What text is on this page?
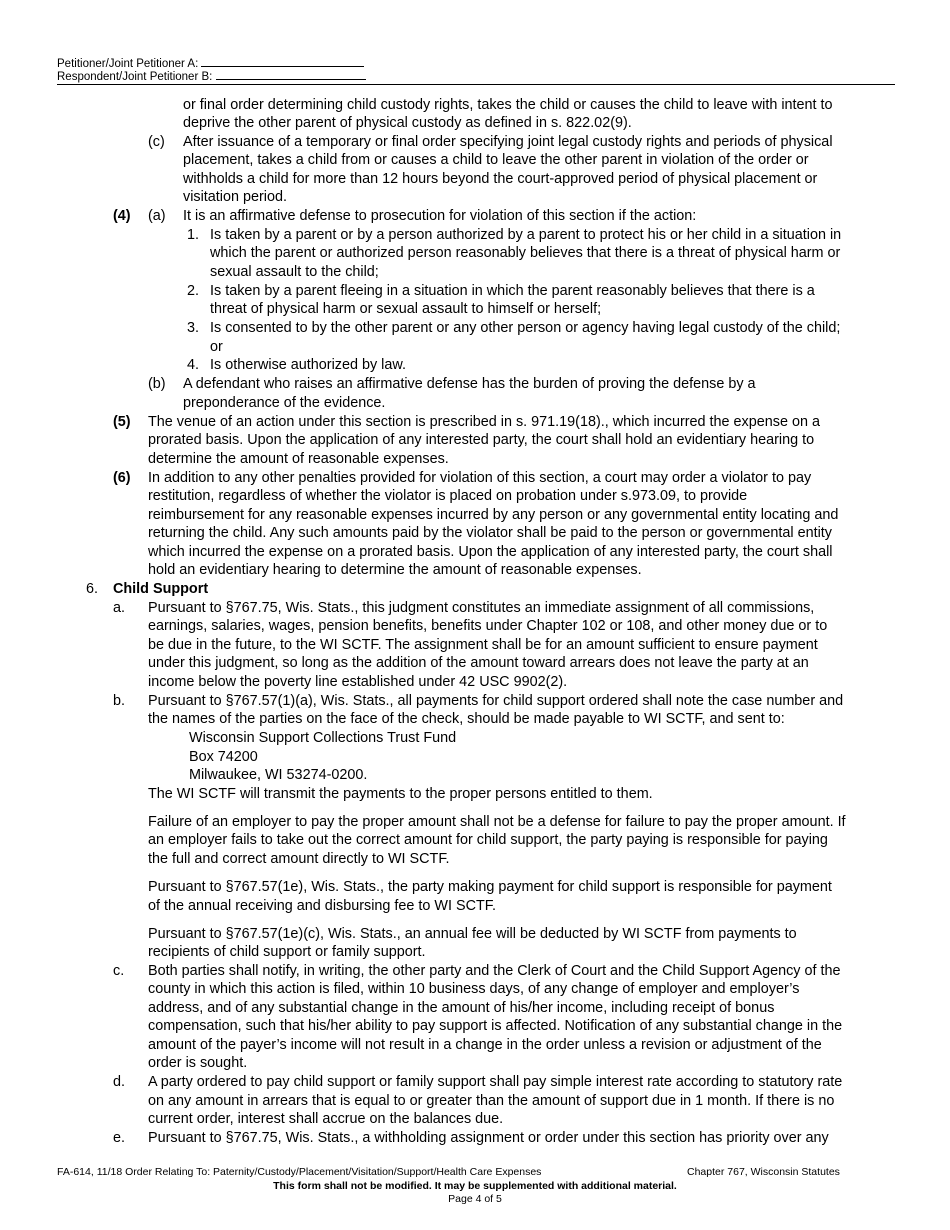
Petitioner/Joint Petitioner A:
Respondent/Joint Petitioner B:
or final order determining child custody rights, takes the child or causes the child to leave with intent to
deprive the other parent of physical custody as defined in s. 822.02(9).
(c) After issuance of a temporary or final order specifying joint legal custody rights and periods of physical
placement, takes a child from or causes a child to leave the other parent in violation of the order or
withholds a child for more than 12 hours beyond the court-approved period of physical placement or
visitation period.
(4) (a) It is an affirmative defense to prosecution for violation of this section if the action:
1. Is taken by a parent or by a person authorized by a parent to protect his or her child in a situation in
which the parent or authorized person reasonably believes that there is a threat of physical harm or
sexual assault to the child;
2. Is taken by a parent fleeing in a situation in which the parent reasonably believes that there is a
threat of physical harm or sexual assault to himself or herself;
3. Is consented to by the other parent or any other person or agency having legal custody of the child;
or
4. Is otherwise authorized by law.
(b) A defendant who raises an affirmative defense has the burden of proving the defense by a
preponderance of the evidence.
(5) The venue of an action under this section is prescribed in s. 971.19(18)., which incurred the expense on a
prorated basis. Upon the application of any interested party, the court shall hold an evidentiary hearing to
determine the amount of reasonable expenses.
(6) In addition to any other penalties provided for violation of this section, a court may order a violator to pay
restitution, regardless of whether the violator is placed on probation under s.973.09, to provide
reimbursement for any reasonable expenses incurred by any person or any governmental entity locating and
returning the child. Any such amounts paid by the violator shall be paid to the person or governmental entity
which incurred the expense on a prorated basis. Upon the application of any interested party, the court shall
hold an evidentiary hearing to determine the amount of reasonable expenses.
6. Child Support
a. Pursuant to §767.75, Wis. Stats., this judgment constitutes an immediate assignment of all commissions,
earnings, salaries, wages, pension benefits, benefits under Chapter 102 or 108, and other money due or to
be due in the future, to the WI SCTF. The assignment shall be for an amount sufficient to ensure payment
under this judgment, so long as the addition of the amount toward arrears does not leave the party at an
income below the poverty line established under 42 USC 9902(2).
b. Pursuant to §767.57(1)(a), Wis. Stats., all payments for child support ordered shall note the case number and
the names of the parties on the face of the check, should be made payable to WI SCTF, and sent to:
Wisconsin Support Collections Trust Fund
Box 74200
Milwaukee, WI 53274-0200.
The WI SCTF will transmit the payments to the proper persons entitled to them.
Failure of an employer to pay the proper amount shall not be a defense for failure to pay the proper amount. If
an employer fails to take out the correct amount for child support, the party paying is responsible for paying
the full and correct amount directly to WI SCTF.
Pursuant to §767.57(1e), Wis. Stats., the party making payment for child support is responsible for payment
of the annual receiving and disbursing fee to WI SCTF.
Pursuant to §767.57(1e)(c), Wis. Stats., an annual fee will be deducted by WI SCTF from payments to
recipients of child support or family support.
c. Both parties shall notify, in writing, the other party and the Clerk of Court and the Child Support Agency of the
county in which this action is filed, within 10 business days, of any change of employer and employer’s
address, and of any substantial change in the amount of his/her income, including receipt of bonus
compensation, such that his/her ability to pay support is affected. Notification of any substantial change in the
amount of the payer’s income will not result in a change in the order unless a revision or adjustment of the
order is sought.
d. A party ordered to pay child support or family support shall pay simple interest rate according to statutory rate
on any amount in arrears that is equal to or greater than the amount of support due in 1 month. If there is no
current order, interest shall accrue on the balances due.
e. Pursuant to §767.75, Wis. Stats., a withholding assignment or order under this section has priority over any
FA-614, 11/18 Order Relating To: Paternity/Custody/Placement/Visitation/Support/Health Care Expenses	Chapter 767, Wisconsin Statutes
This form shall not be modified. It may be supplemented with additional material.
Page 4 of 5
